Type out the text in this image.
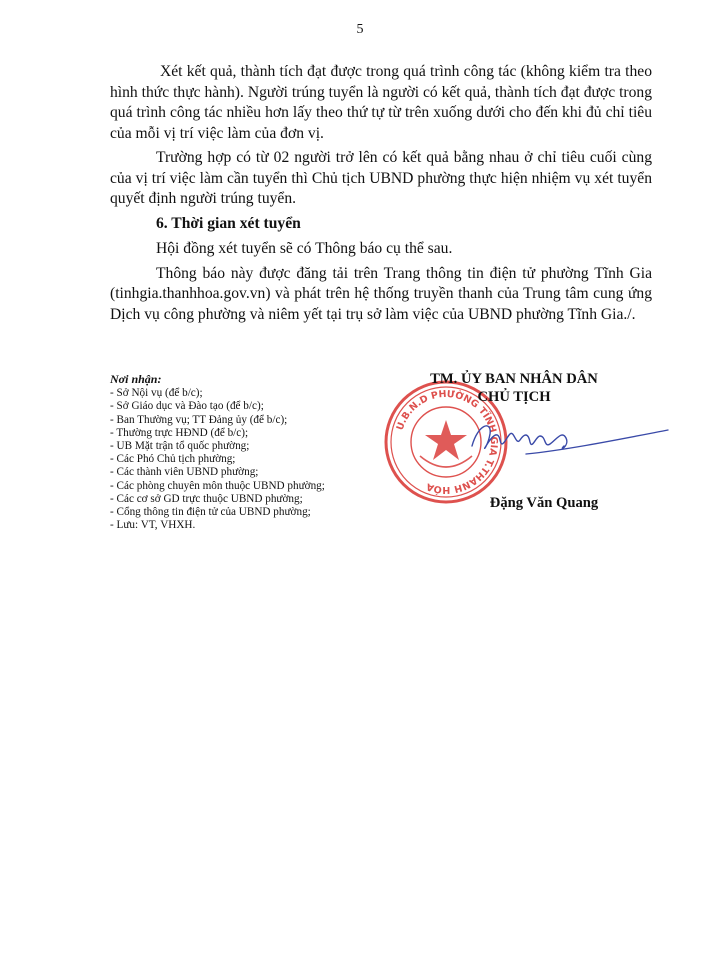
5

Xét kết quả, thành tích đạt được trong quá trình công tác (không kiểm tra theo hình thức thực hành). Người trúng tuyển là người có kết quả, thành tích đạt được trong quá trình công tác nhiều hơn lấy theo thứ tự từ trên xuống dưới cho đến khi đủ chỉ tiêu của mỗi vị trí việc làm của đơn vị.

Trường hợp có từ 02 người trở lên có kết quả bằng nhau ở chỉ tiêu cuối cùng của vị trí việc làm cần tuyển thì Chủ tịch UBND phường thực hiện nhiệm vụ xét tuyển quyết định người trúng tuyển.

6. Thời gian xét tuyển

Hội đồng xét tuyển sẽ có Thông báo cụ thể sau.

Thông báo này được đăng tải trên Trang thông tin điện tử phường Tĩnh Gia (tinhgia.thanhhoa.gov.vn) và phát trên hệ thống truyền thanh của Trung tâm cung ứng Dịch vụ công phường và niêm yết tại trụ sở làm việc của UBND phường Tĩnh Gia./.

Nơi nhận:
- Sở Nội vụ (để b/c);
- Sở Giáo dục và Đào tạo (để b/c);
- Ban Thường vụ; TT Đảng ủy (để b/c);
- Thường trực HĐND (để b/c);
- UB Mặt trận tổ quốc phường;
- Các Phó Chủ tịch phường;
- Các thành viên UBND phường;
- Các phòng chuyên môn thuộc UBND phường;
- Các cơ sở GD trực thuộc UBND phường;
- Cổng thông tin điện tử của UBND phường;
- Lưu: VT, VHXH.
TM. ỦY BAN NHÂN DÂN
CHỦ TỊCH
U.B.N.D PHƯỜNG TĨNH GIA T.THANH HÓA
Đặng Văn Quang
